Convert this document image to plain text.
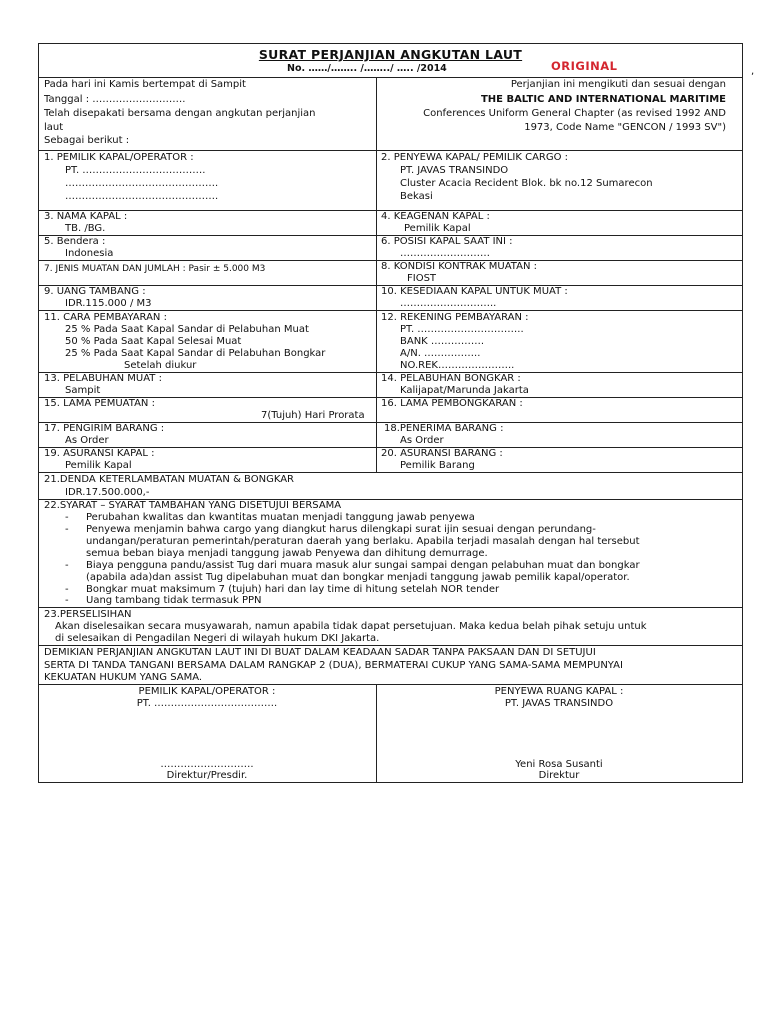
SURAT PERJANJIAN ANGKUTAN LAUT
No. ……/…….. /……../ ….. /2014	ORIGINAL
Pada hari ini Kamis bertempat di Sampit
Tanggal : ……………………….
Telah disepakati bersama dengan angkutan perjanjian
laut
Sebagai berikut :
Perjanjian ini mengikuti dan sesuai dengan
THE BALTIC AND INTERNATIONAL MARITIME
Conferences Uniform General Chapter (as revised 1992 AND
1973, Code Name "GENCON / 1993 SV")
1. PEMILIK KAPAL/OPERATOR :
PT. ……………………………….
……………………………………….
……………………………………….
2. PENYEWA KAPAL/ PEMILIK CARGO :
PT. JAVAS TRANSINDO
Cluster Acacia Recident Blok. bk no.12 Sumarecon
Bekasi
3. NAMA KAPAL :
TB. /BG.
4. KEAGENAN KAPAL :
Pemilik Kapal
5. Bendera :
Indonesia
6. POSISI KAPAL SAAT INI :
………………………
7. JENIS MUATAN DAN JUMLAH : Pasir ± 5.000 M3	8. KONDISI KONTRAK MUATAN :
FIOST
9. UANG TAMBANG :
IDR.115.000 / M3
10. KESEDIAAN KAPAL UNTUK MUAT :
………………………..
11. CARA PEMBAYARAN :
25 % Pada Saat Kapal Sandar di Pelabuhan Muat
50 % Pada Saat Kapal Selesai Muat
25 % Pada Saat Kapal Sandar di Pelabuhan Bongkar
Setelah diukur
12. REKENING PEMBAYARAN :
PT. …………………………..
BANK …………….
A/N. ……………..
NO.REK…………………..
13. PELABUHAN MUAT :
Sampit
14. PELABUHAN BONGKAR :
Kalijapat/Marunda Jakarta
15. LAMA PEMUATAN :
7(Tujuh) Hari Prorata
16. LAMA PEMBONGKARAN :
17. PENGIRIM BARANG :
As Order
18.PENERIMA BARANG :
As Order
19. ASURANSI KAPAL :
Pemilik Kapal
20. ASURANSI BARANG :
Pemilik Barang
21.DENDA KETERLAMBATAN MUATAN & BONGKAR
IDR.17.500.000,-
22.SYARAT – SYARAT TAMBAHAN YANG DISETUJUI BERSAMA
- Perubahan kwalitas dan kwantitas muatan menjadi tanggung jawab penyewa
- Penyewa menjamin bahwa cargo yang diangkut harus dilengkapi surat ijin sesuai dengan perundang-
undangan/peraturan pemerintah/peraturan daerah yang berlaku. Apabila terjadi masalah dengan hal tersebut
semua beban biaya menjadi tanggung jawab Penyewa dan dihitung demurrage.
- Biaya pengguna pandu/assist Tug dari muara masuk alur sungai sampai dengan pelabuhan muat dan bongkar
(apabila ada)dan assist Tug dipelabuhan muat dan bongkar menjadi tanggung jawab pemilik kapal/operator.
- Bongkar muat maksimum 7 (tujuh) hari dan lay time di hitung setelah NOR tender
- Uang tambang tidak termasuk PPN
23.PERSELISIHAN
Akan diselesaikan secara musyawarah, namun apabila tidak dapat persetujuan. Maka kedua belah pihak setuju untuk
di selesaikan di Pengadilan Negeri di wilayah hukum DKI Jakarta.
DEMIKIAN PERJANJIAN ANGKUTAN LAUT INI DI BUAT DALAM KEADAAN SADAR TANPA PAKSAAN DAN DI SETUJUI
SERTA DI TANDA TANGANI BERSAMA DALAM RANGKAP 2 (DUA), BERMATERAI CUKUP YANG SAMA-SAMA MEMPUNYAI
KEKUATAN HUKUM YANG SAMA.
PEMILIK KAPAL/OPERATOR :
PT. ……………………………….
……………………….
Direktur/Presdir.
PENYEWA RUANG KAPAL :
PT. JAVAS TRANSINDO
Yeni Rosa Susanti
Direktur
,
